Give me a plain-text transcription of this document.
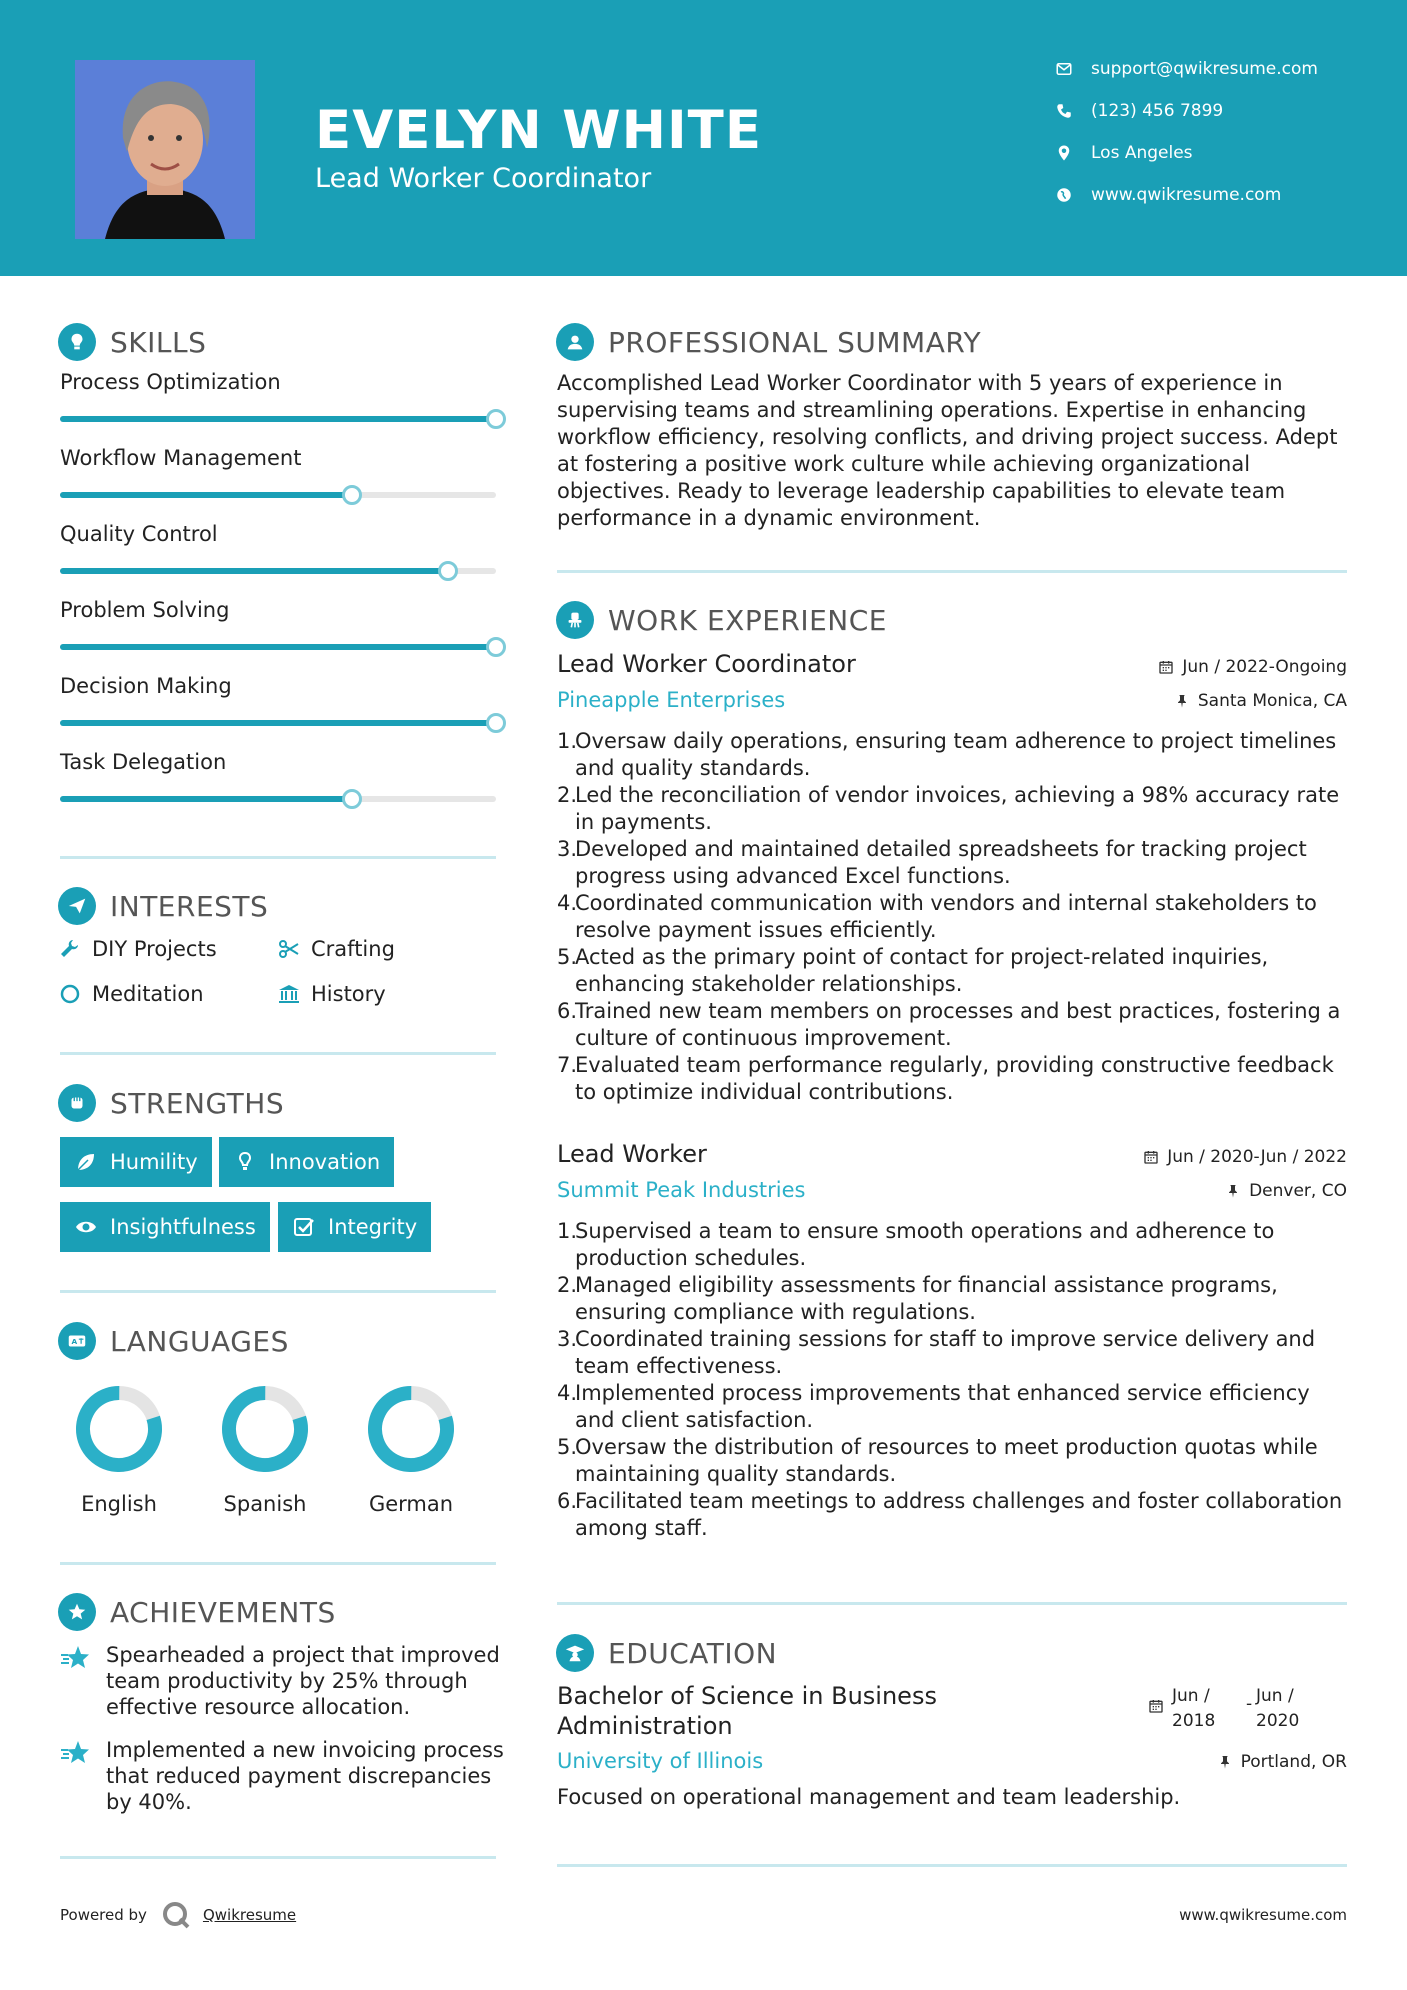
EVELYN WHITE
Lead Worker Coordinator
support@qwikresume.com
(123) 456 7899
Los Angeles
www.qwikresume.com
SKILLS
Process Optimization
Workflow Management
Quality Control
Problem Solving
Decision Making
Task Delegation
INTERESTS
DIY Projects	Crafting
Meditation	History
STRENGTHS
Humility	Innovation
Insightfulness	Integrity
A LANGUAGES
English	Spanish	German
ACHIEVEMENTS
Spearheaded a project that improved team productivity by 25% through effective resource allocation.
Implemented a new invoicing process that reduced payment discrepancies by 40%.
PROFESSIONAL SUMMARY
Accomplished Lead Worker Coordinator with 5 years of experience in supervising teams and streamlining operations. Expertise in enhancing workflow efficiency, resolving conflicts, and driving project success. Adept at fostering a positive work culture while achieving organizational objectives. Ready to leverage leadership capabilities to elevate team performance in a dynamic environment.
WORK EXPERIENCE
Lead Worker Coordinator	Jun / 2022-Ongoing
Pineapple Enterprises	Santa Monica, CA
1.
Oversaw daily operations, ensuring team adherence to project timelines and quality standards.
2.
Led the reconciliation of vendor invoices, achieving a 98% accuracy rate in payments.
3.
Developed and maintained detailed spreadsheets for tracking project progress using advanced Excel functions.
4.
Coordinated communication with vendors and internal stakeholders to resolve payment issues efficiently.
5.
Acted as the primary point of contact for project-related inquiries, enhancing stakeholder relationships.
6.
Trained new team members on processes and best practices, fostering a culture of continuous improvement.
7.
Evaluated team performance regularly, providing constructive feedback to optimize individual contributions.
Lead Worker	Jun / 2020-Jun / 2022
Summit Peak Industries	Denver, CO
1.
Supervised a team to ensure smooth operations and adherence to production schedules.
2.
Managed eligibility assessments for financial assistance programs, ensuring compliance with regulations.
3.
Coordinated training sessions for staff to improve service delivery and team effectiveness.
4.
Implemented process improvements that enhanced service efficiency and client satisfaction.
5.
Oversaw the distribution of resources to meet production quotas while maintaining quality standards.
6.
Facilitated team meetings to address challenges and foster collaboration among staff.
EDUCATION
Bachelor of Science in Business
Administration
Jun /
2018
- Jun /
2020
University of Illinois	Portland, OR
Focused on operational management and team leadership.
Powered by	Qwikresume	www.qwikresume.com
